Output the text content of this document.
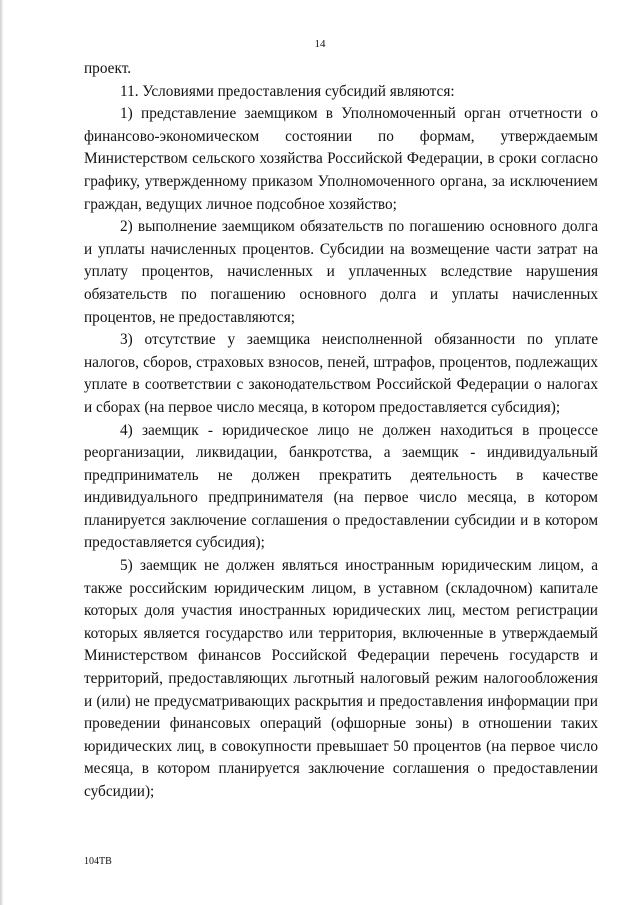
14

проект.

11. Условиями предоставления субсидий являются:

1) представление заемщиком в Уполномоченный орган отчетности о финансово-экономическом состоянии по формам, утверждаемым Министерством сельского хозяйства Российской Федерации, в сроки согласно графику, утвержденному приказом Уполномоченного органа, за исключением граждан, ведущих личное подсобное хозяйство;

2) выполнение заемщиком обязательств по погашению основного долга и уплаты начисленных процентов. Субсидии на возмещение части затрат на уплату процентов, начисленных и уплаченных вследствие нарушения обязательств по погашению основного долга и уплаты начисленных процентов, не предоставляются;

3) отсутствие у заемщика неисполненной обязанности по уплате налогов, сборов, страховых взносов, пеней, штрафов, процентов, подлежащих уплате в соответствии с законодательством Российской Федерации о налогах и сборах (на первое число месяца, в котором предоставляется субсидия);

4) заемщик - юридическое лицо не должен находиться в процессе реорганизации, ликвидации, банкротства, а заемщик - индивидуальный предприниматель не должен прекратить деятельность в качестве индивидуального предпринимателя (на первое число месяца, в котором планируется заключение соглашения о предоставлении субсидии и в котором предоставляется субсидия);

5) заемщик не должен являться иностранным юридическим лицом, а также российским юридическим лицом, в уставном (складочном) капитале которых доля участия иностранных юридических лиц, местом регистрации которых является государство или территория, включенные в утверждаемый Министерством финансов Российской Федерации перечень государств и территорий, предоставляющих льготный налоговый режим налогообложения и (или) не предусматривающих раскрытия и предоставления информации при проведении финансовых операций (офшорные зоны) в отношении таких юридических лиц, в совокупности превышает 50 процентов (на первое число месяца, в котором планируется заключение соглашения о предоставлении субсидии);

104ТВ
